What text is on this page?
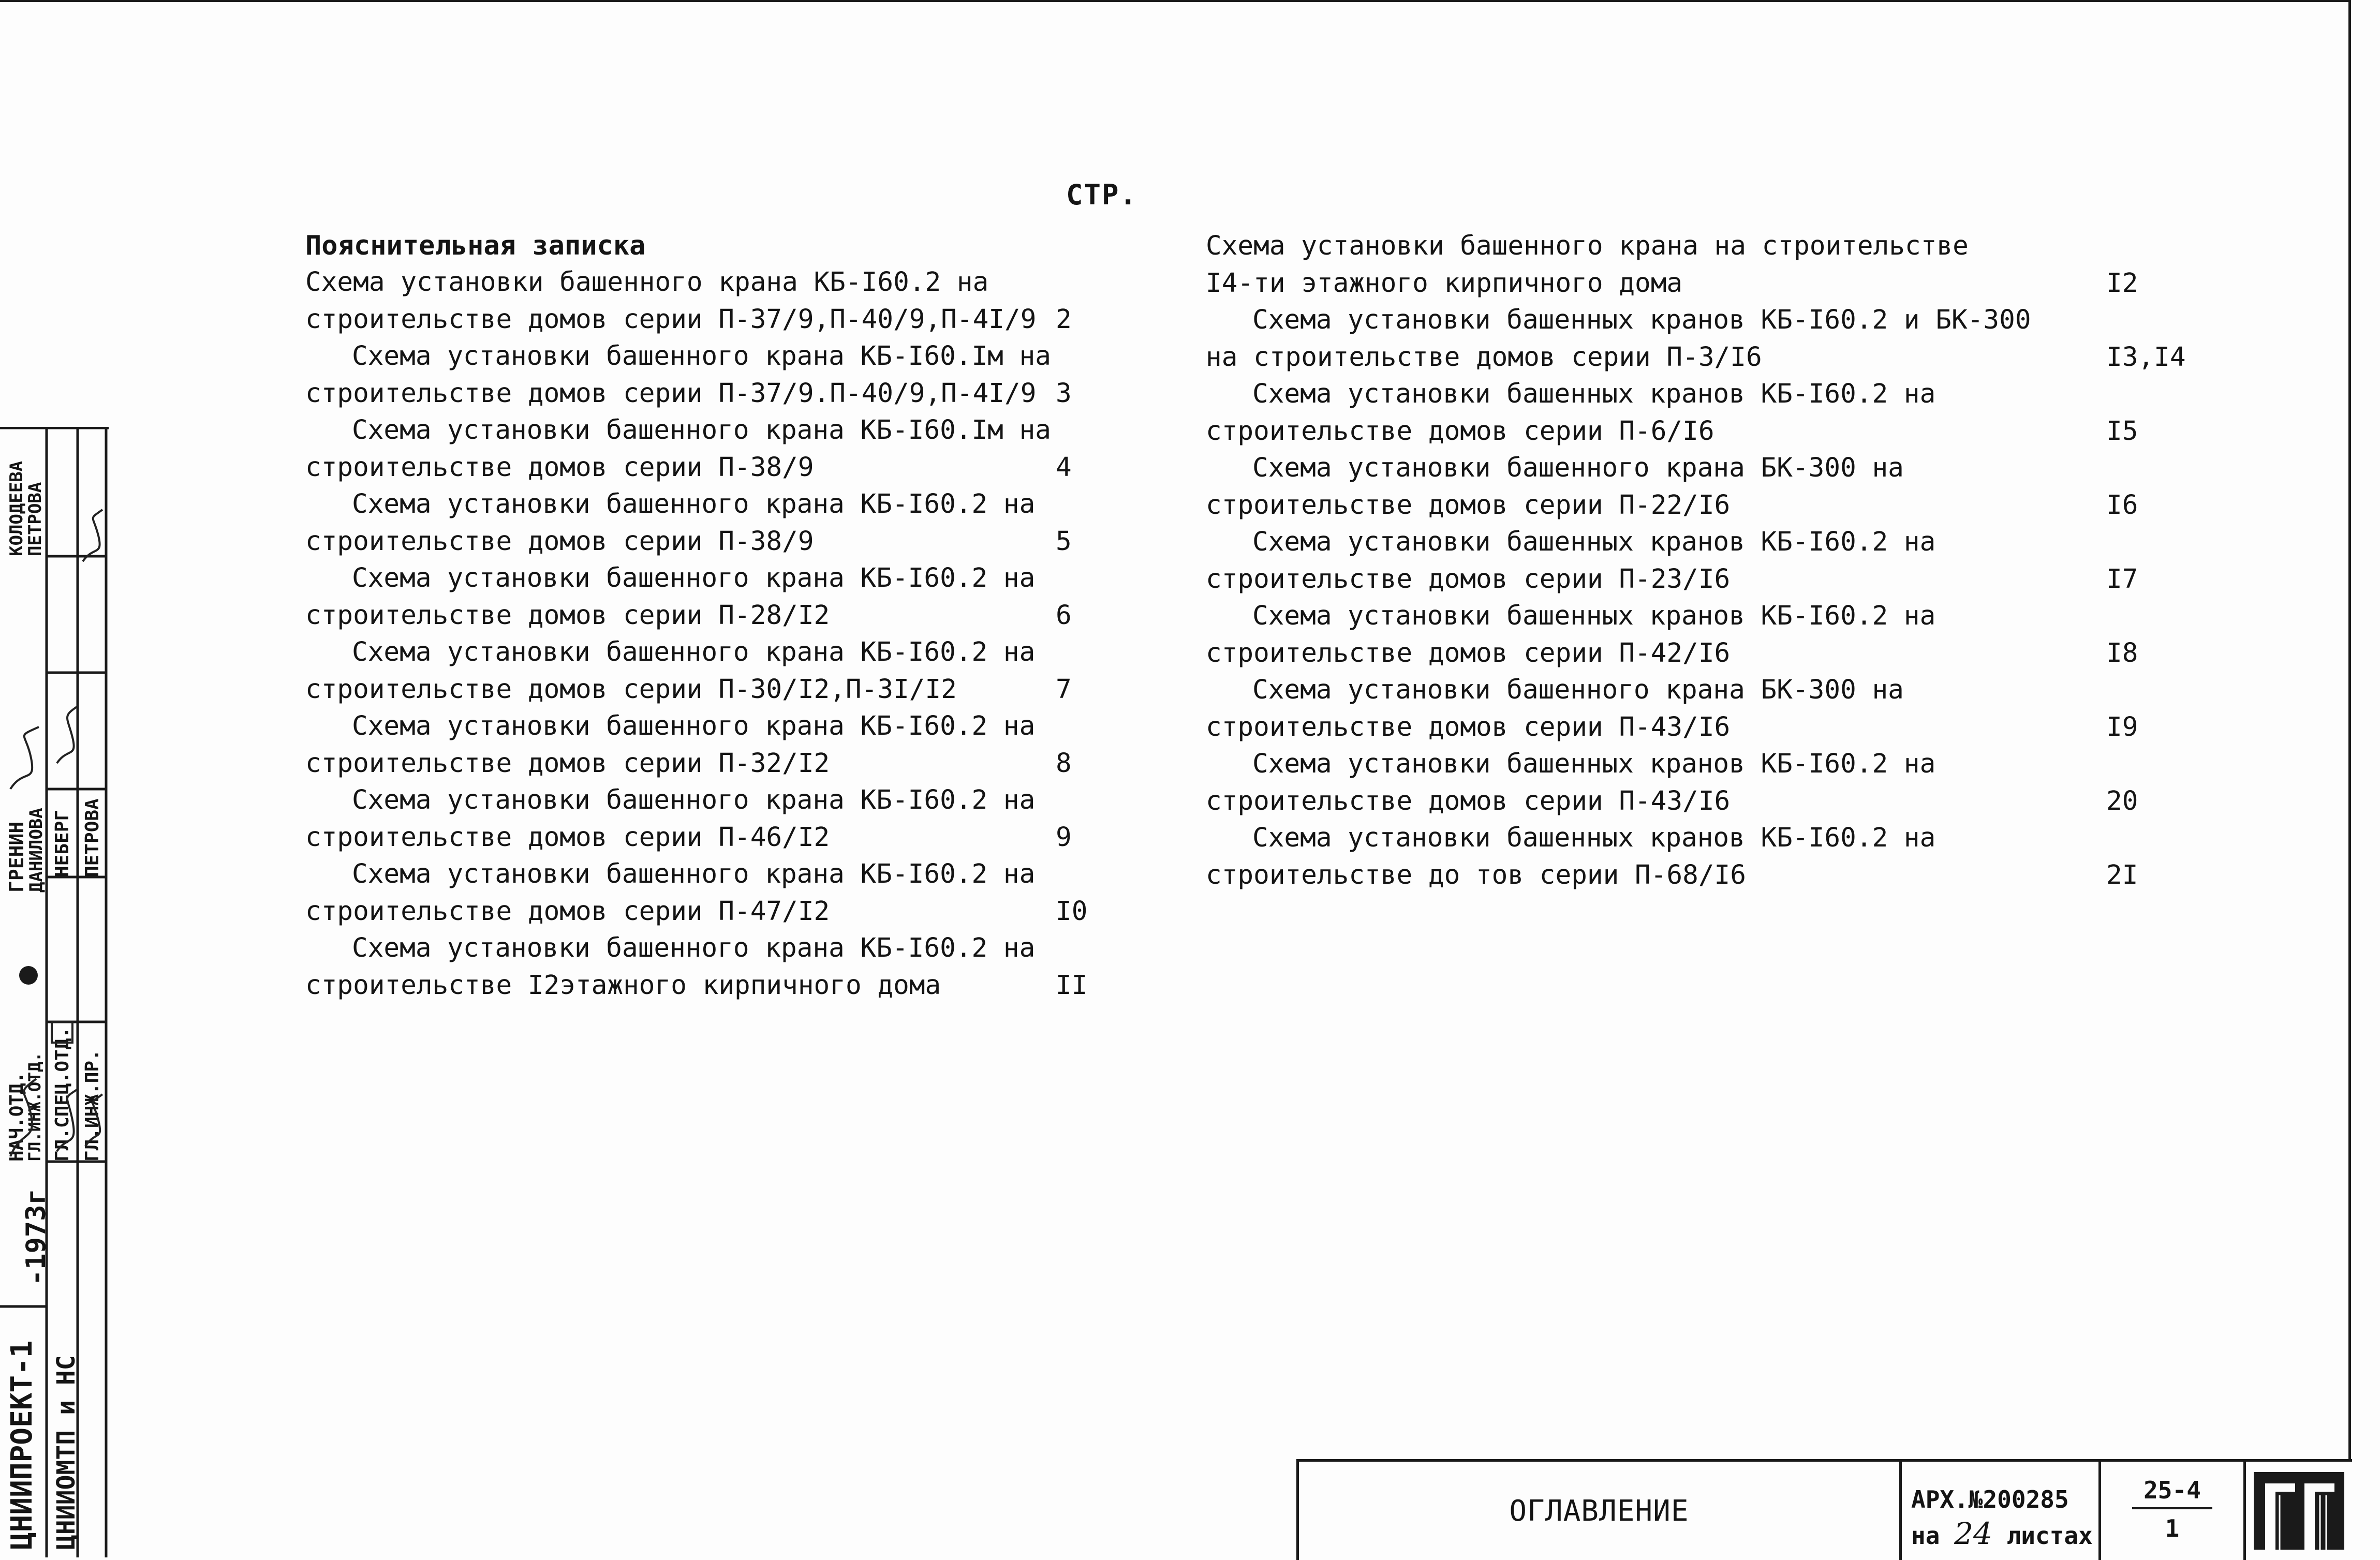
СТР.
Пояснительная записка
Схема установки башенного крана КБ-I60.2 на
строительстве домов серии П-37/9,П-40/9,П-4I/9 2
Схема установки башенного крана КБ-I60.Iм на
строительстве домов серии П-37/9.П-40/9,П-4I/9 3
Схема установки башенного крана КБ-I60.Iм на
строительстве домов серии П-38/9	4
Схема установки башенного крана КБ-I60.2 на
строительстве домов серии П-38/9	5
Схема установки башенного крана КБ-I60.2 на
строительстве домов серии П-28/I2	6
Схема установки башенного крана КБ-I60.2 на
строительстве домов серии П-30/I2,П-3I/I2	7
Схема установки башенного крана КБ-I60.2 на
строительстве домов серии П-32/I2	8
Схема установки башенного крана КБ-I60.2 на
строительстве домов серии П-46/I2	9
Схема установки башенного крана КБ-I60.2 на
строительстве домов серии П-47/I2	I0
Схема установки башенного крана КБ-I60.2 на
строительстве I2этажного кирпичного дома	II
Схема установки башенного крана на строительстве
I4-ти этажного кирпичного дома	I2
Схема установки башенных кранов КБ-I60.2 и БК-300
на строительстве домов серии П-3/I6	I3,I4
Схема установки башенных кранов КБ-I60.2 на
строительстве домов серии П-6/I6	I5
Схема установки башенного крана БК-300 на
строительстве домов серии П-22/I6	I6
Схема установки башенных кранов КБ-I60.2 на
строительстве домов серии П-23/I6	I7
Схема установки башенных кранов КБ-I60.2 на
строительстве домов серии П-42/I6	I8
Схема установки башенного крана БК-300 на
строительстве домов серии П-43/I6	I9
Схема установки башенных кранов КБ-I60.2 на
строительстве домов серии П-43/I6	20
Схема установки башенных кранов КБ-I60.2 на
строительстве до тов серии П-68/I6	2I
ЦНИИПРОЕКТ-1 ЦНИИОМТП и НС
-1973г
НАЧ.ОТД.
ГЛ.ИНЖ.ОТД. ГЛ.СПЕЦ.ОТД. ГЛ.ИНЖ.ПР.
ГРЕНИН
ДАНИЛОВА НЕБЕРГ ПЕТРОВА
КОЛОДЕЕВА
ПЕТРОВА
ОГЛАВЛЕНИЕ	АРХ.№200285
на 24 листах
25-4
1
